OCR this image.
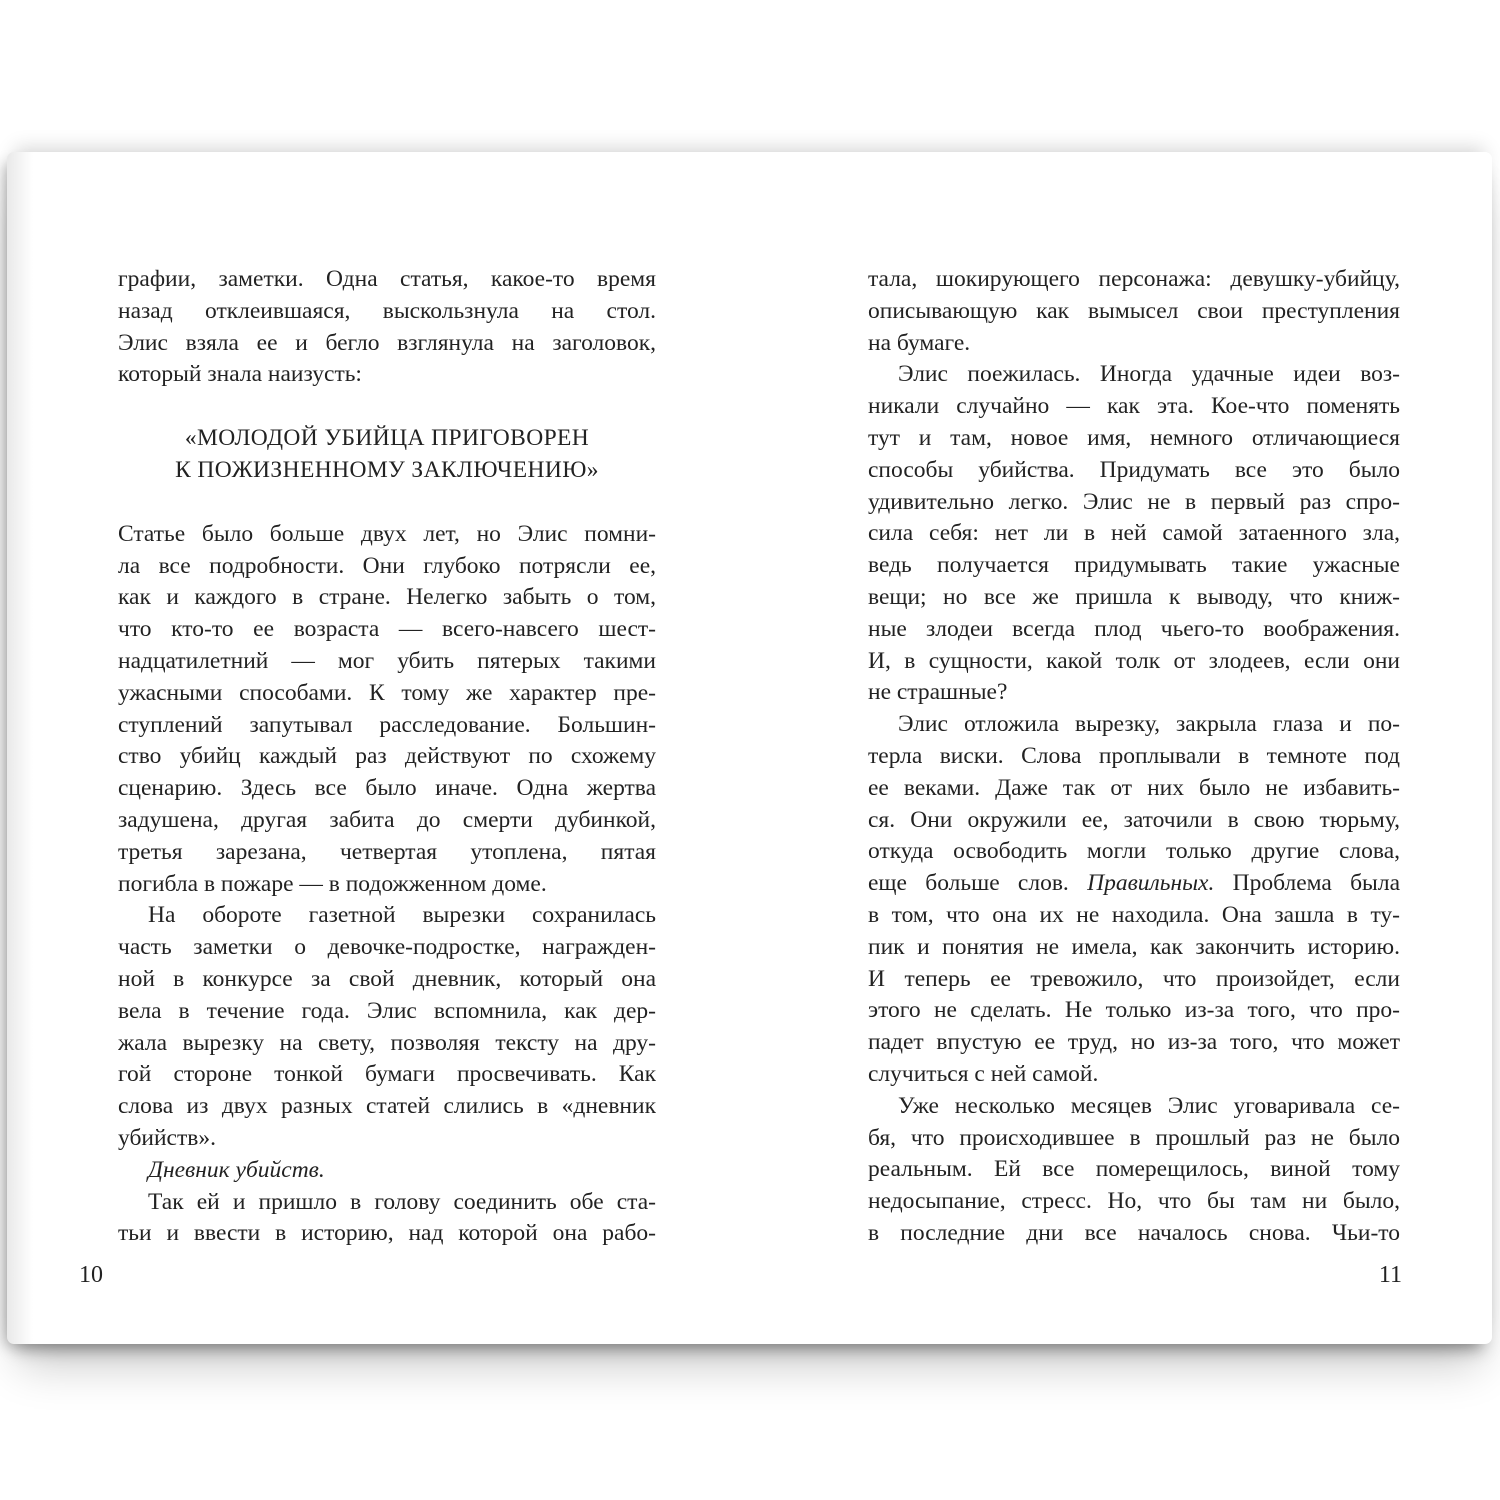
графии, заметки. Одна статья, какое-то время
назад отклеившаяся, выскользнула на стол.
Элис взяла ее и бегло взглянула на заголовок,
который знала наизусть:
«МОЛОДОЙ УБИЙЦА ПРИГОВОРЕН
К ПОЖИЗНЕННОМУ ЗАКЛЮЧЕНИЮ»
Статье было больше двух лет, но Элис помни-
ла все подробности. Они глубоко потрясли ее,
как и каждого в стране. Нелегко забыть о том,
что кто-то ее возраста — всего-навсего шест-
надцатилетний — мог убить пятерых такими
ужасными способами. К тому же характер пре-
ступлений запутывал расследование. Большин-
ство убийц каждый раз действуют по схожему
сценарию. Здесь все было иначе. Одна жертва
задушена, другая забита до смерти дубинкой,
третья зарезана, четвертая утоплена, пятая
погибла в пожаре — в подожженном доме.
На обороте газетной вырезки сохранилась
часть заметки о девочке-подростке, награжден-
ной в конкурсе за свой дневник, который она
вела в течение года. Элис вспомнила, как дер-
жала вырезку на свету, позволяя тексту на дру-
гой стороне тонкой бумаги просвечивать. Как
слова из двух разных статей слились в «дневник
убийств».
Дневник убийств.
Так ей и пришло в голову соединить обе ста-
тьи и ввести в историю, над которой она рабо-
10
тала, шокирующего персонажа: девушку-убийцу,
описывающую как вымысел свои преступления
на бумаге.
Элис поежилась. Иногда удачные идеи воз-
никали случайно — как эта. Кое-что поменять
тут и там, новое имя, немного отличающиеся
способы убийства. Придумать все это было
удивительно легко. Элис не в первый раз спро-
сила себя: нет ли в ней самой затаенного зла,
ведь получается придумывать такие ужасные
вещи; но все же пришла к выводу, что книж-
ные злодеи всегда плод чьего-то воображения.
И, в сущности, какой толк от злодеев, если они
не страшные?
Элис отложила вырезку, закрыла глаза и по-
терла виски. Слова проплывали в темноте под
ее веками. Даже так от них было не избавить-
ся. Они окружили ее, заточили в свою тюрьму,
откуда освободить могли только другие слова,
еще больше слов. Правильных. Проблема была
в том, что она их не находила. Она зашла в ту-
пик и понятия не имела, как закончить историю.
И теперь ее тревожило, что произойдет, если
этого не сделать. Не только из-за того, что про-
падет впустую ее труд, но из-за того, что может
случиться с ней самой.
Уже несколько месяцев Элис уговаривала се-
бя, что происходившее в прошлый раз не было
реальным. Ей все померещилось, виной тому
недосыпание, стресс. Но, что бы там ни было,
в последние дни все началось снова. Чьи-то
11
